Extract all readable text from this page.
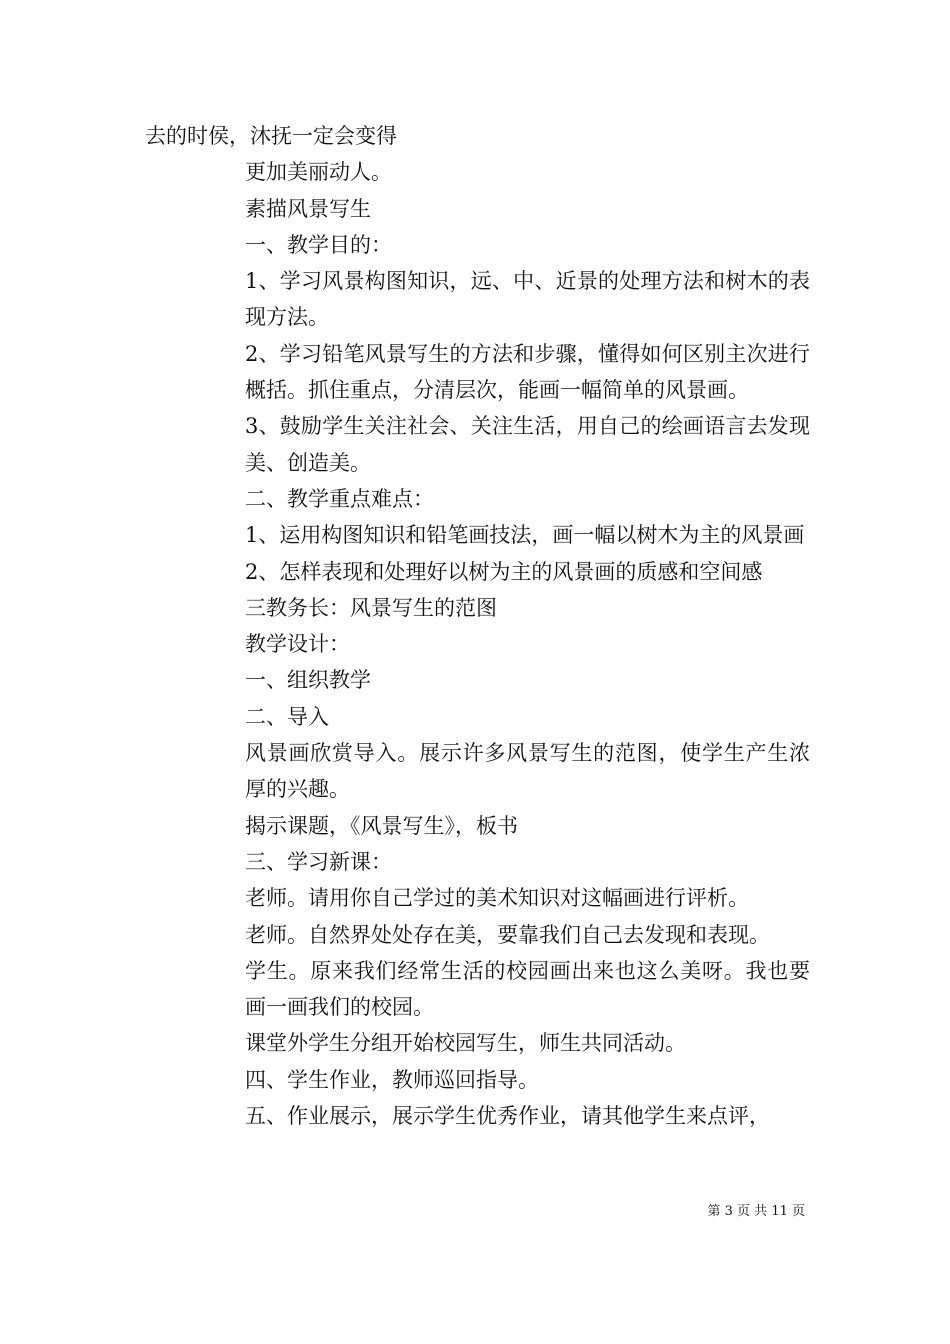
去的时侯，沐抚一定会变得
更加美丽动人。
素描风景写生
一、教学目的：
1、学习风景构图知识，远、中、近景的处理方法和树木的表现方法。
2、学习铅笔风景写生的方法和步骤，懂得如何区别主次进行概括。抓住重点，分清层次，能画一幅简单的风景画。
3、鼓励学生关注社会、关注生活，用自己的绘画语言去发现美、创造美。
二、教学重点难点：
1、运用构图知识和铅笔画技法，画一幅以树木为主的风景画
2、怎样表现和处理好以树为主的风景画的质感和空间感
三教务长：风景写生的范图
教学设计：
一、组织教学
二、导入
风景画欣赏导入。展示许多风景写生的范图，使学生产生浓厚的兴趣。
揭示课题，《风景写生》，板书
三、学习新课：
老师。请用你自己学过的美术知识对这幅画进行评析。
老师。自然界处处存在美，要靠我们自己去发现和表现。
学生。原来我们经常生活的校园画出来也这么美呀。我也要画一画我们的校园。
课堂外学生分组开始校园写生，师生共同活动。
四、学生作业，教师巡回指导。
五、作业展示，展示学生优秀作业，请其他学生来点评，
第 3 页 共 11 页
